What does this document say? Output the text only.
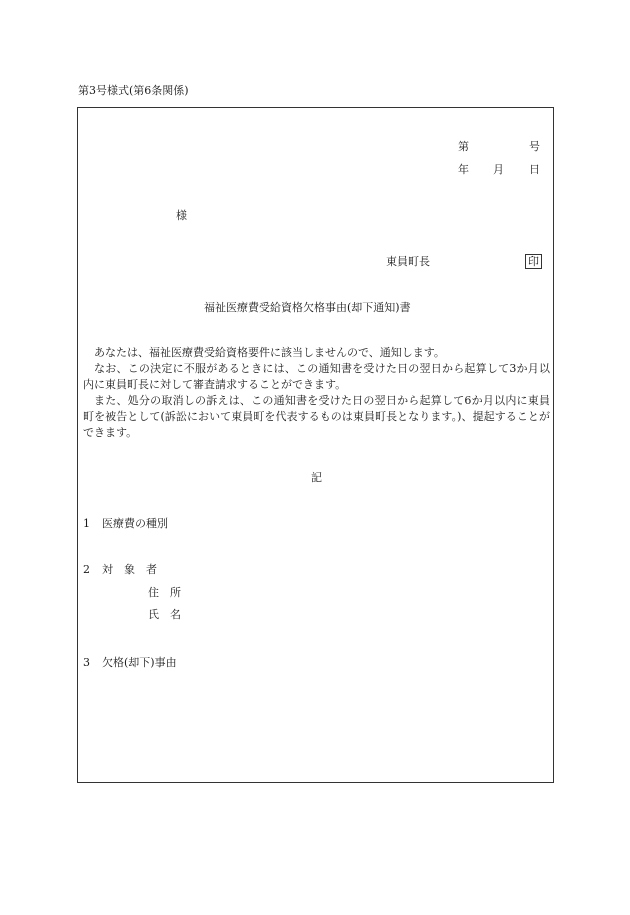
第3号様式(第6条関係)
第	号
年 月 日
様
東員町長	印
福祉医療費受給資格欠格事由(却下通知)書
あなたは、福祉医療費受給資格要件に該当しませんので、通知します。
なお、この決定に不服があるときには、この通知書を受けた日の翌日から起算して3か月以内に東員町長に対して審査請求することができます。
また、処分の取消しの訴えは、この通知書を受けた日の翌日から起算して6か月以内に東員町を被告として(訴訟において東員町を代表するものは東員町長となります。)、提起することができます。
記
1 医療費の種別
2 対　象　者
住　所
氏　名
3 欠格(却下)事由
